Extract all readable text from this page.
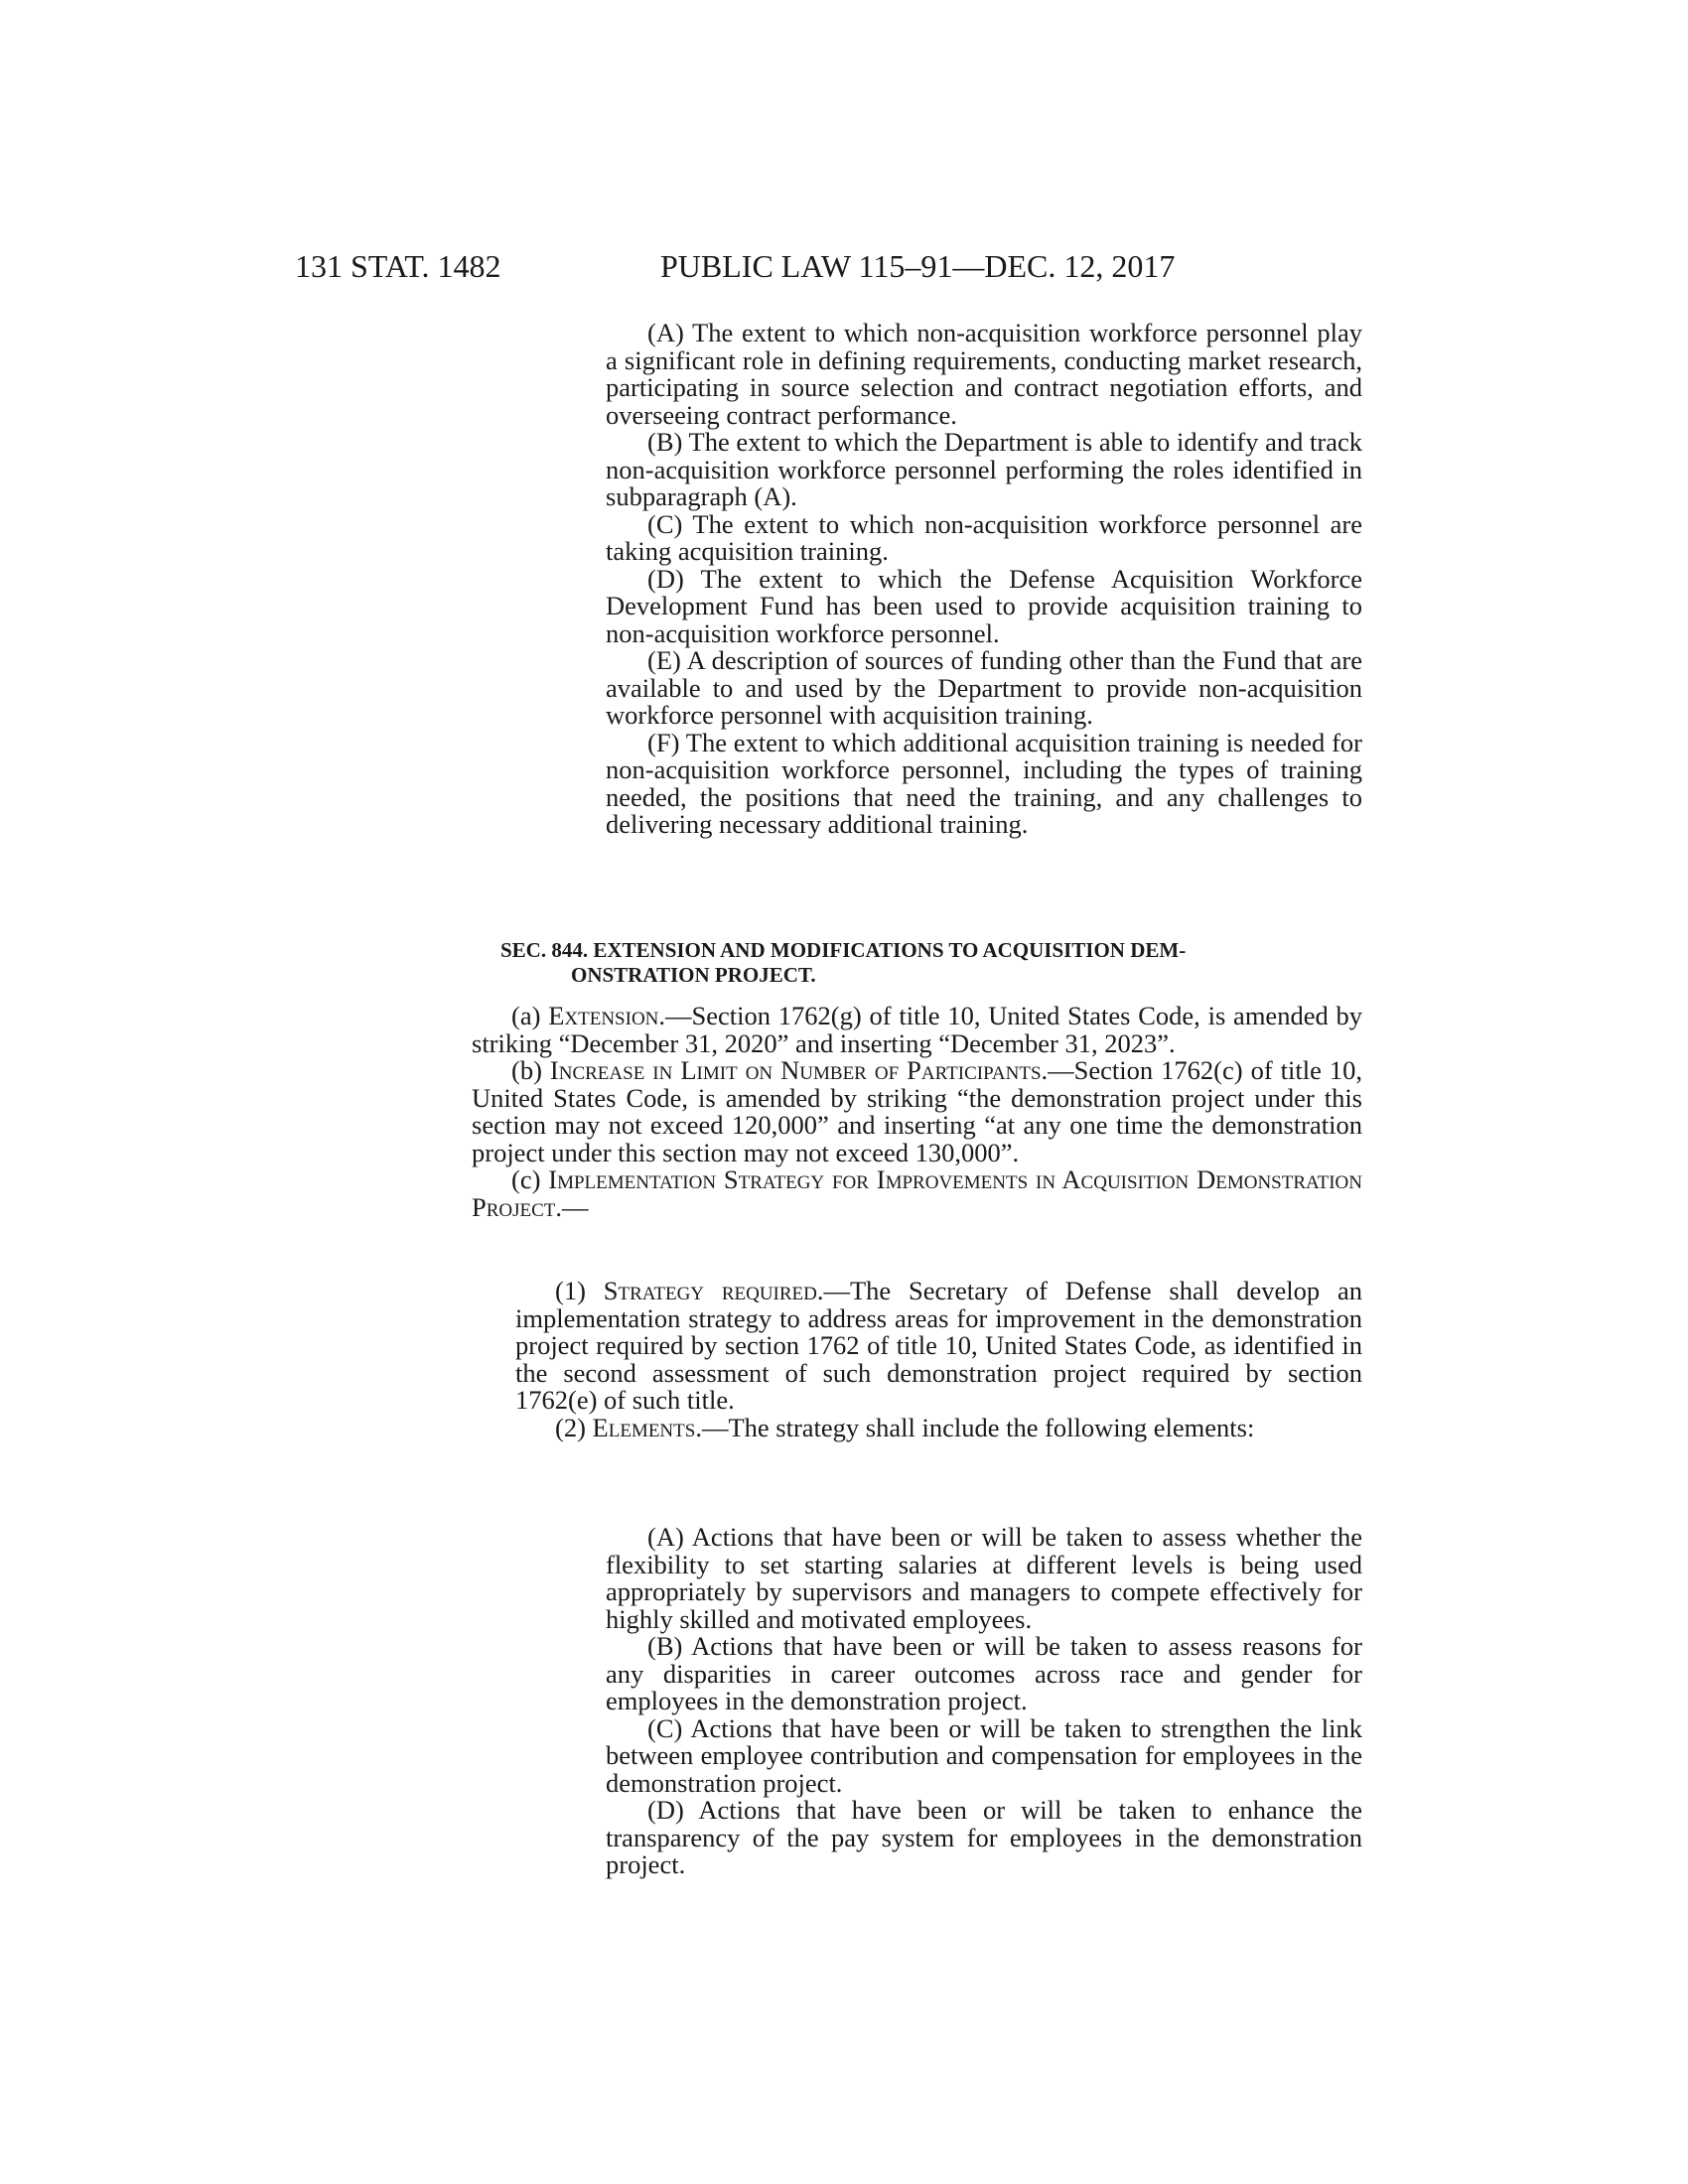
131 STAT. 1482	PUBLIC LAW 115–91—DEC. 12, 2017

(A) The extent to which non-acquisition workforce personnel play a significant role in defining requirements, conducting market research, participating in source selection and contract negotiation efforts, and overseeing contract performance.

(B) The extent to which the Department is able to identify and track non-acquisition workforce personnel performing the roles identified in subparagraph (A).

(C) The extent to which non-acquisition workforce personnel are taking acquisition training.

(D) The extent to which the Defense Acquisition Workforce Development Fund has been used to provide acquisition training to non-acquisition workforce personnel.

(E) A description of sources of funding other than the Fund that are available to and used by the Department to provide non-acquisition workforce personnel with acquisition training.

(F) The extent to which additional acquisition training is needed for non-acquisition workforce personnel, including the types of training needed, the positions that need the training, and any challenges to delivering necessary additional training.

SEC. 844. EXTENSION AND MODIFICATIONS TO ACQUISITION DEM-
ONSTRATION PROJECT.

(a) Extension.—Section 1762(g) of title 10, United States Code, is amended by striking “December 31, 2020” and inserting “December 31, 2023”.

(b) Increase in Limit on Number of Participants.—Section 1762(c) of title 10, United States Code, is amended by striking “the demonstration project under this section may not exceed 120,000” and inserting “at any one time the demonstration project under this section may not exceed 130,000”.

(c) Implementation Strategy for Improvements in Acquisition Demonstration Project.—

(1) Strategy required.—The Secretary of Defense shall develop an implementation strategy to address areas for improvement in the demonstration project required by section 1762 of title 10, United States Code, as identified in the second assessment of such demonstration project required by section 1762(e) of such title.

(2) Elements.—The strategy shall include the following elements:

(A) Actions that have been or will be taken to assess whether the flexibility to set starting salaries at different levels is being used appropriately by supervisors and managers to compete effectively for highly skilled and motivated employees.

(B) Actions that have been or will be taken to assess reasons for any disparities in career outcomes across race and gender for employees in the demonstration project.

(C) Actions that have been or will be taken to strengthen the link between employee contribution and compensation for employees in the demonstration project.

(D) Actions that have been or will be taken to enhance the transparency of the pay system for employees in the demonstration project.
